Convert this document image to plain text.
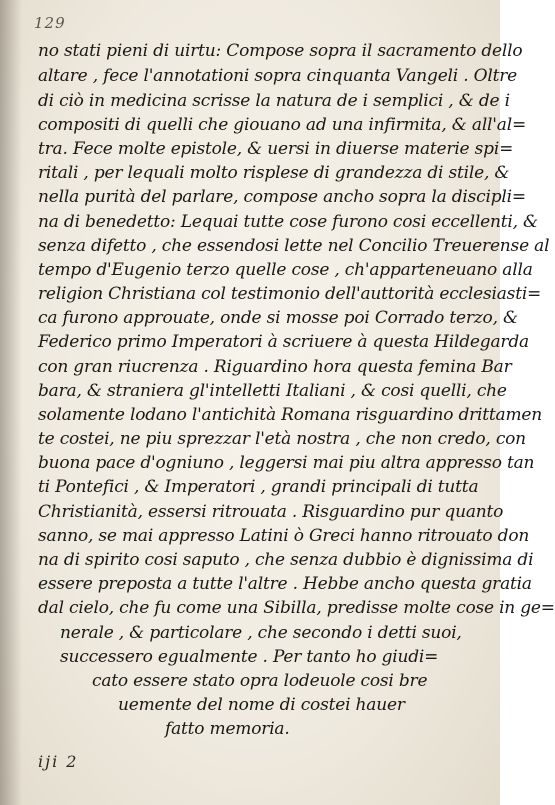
129
no stati pieni di uirtu: Compose sopra il sacramento dello
altare , fece l'annotationi sopra cinquanta Vangeli . Oltre
di ciò in medicina scrisse la natura de i semplici , & de i
compositi di quelli che giouano ad una infirmita, & all'al=
tra. Fece molte epistole, & uersi in diuerse materie spi=
ritali , per lequali molto risplese di grandezza di stile, &
nella purità del parlare, compose ancho sopra la discipli=
na di benedetto: Lequai tutte cose furono cosi eccellenti, &
senza difetto , che essendosi lette nel Concilio Treuerense al
tempo d'Eugenio terzo quelle cose , ch'apparteneuano alla
religion Christiana col testimonio dell'auttorità ecclesiasti=
ca furono approuate, onde si mosse poi Corrado terzo, &
Federico primo Imperatori à scriuere à questa Hildegarda
con gran riucrenza . Riguardino hora questa femina Bar
bara, & straniera gl'intelletti Italiani , & cosi quelli, che
solamente lodano l'antichità Romana risguardino drittamen
te costei, ne piu sprezzar l'età nostra , che non credo, con
buona pace d'ogniuno , leggersi mai piu altra appresso tan
ti Pontefici , & Imperatori , grandi principali di tutta
Christianità, essersi ritrouata . Risguardino pur quanto
sanno, se mai appresso Latini ò Greci hanno ritrouato don
na di spirito cosi saputo , che senza dubbio è dignissima di
essere preposta a tutte l'altre . Hebbe ancho questa gratia
dal cielo, che fu come una Sibilla, predisse molte cose in ge=
nerale , & particolare , che secondo i detti suoi,
successero egualmente . Per tanto ho giudi=
cato essere stato opra lodeuole cosi bre
uemente del nome di costei hauer
fatto memoria.
iji 2
